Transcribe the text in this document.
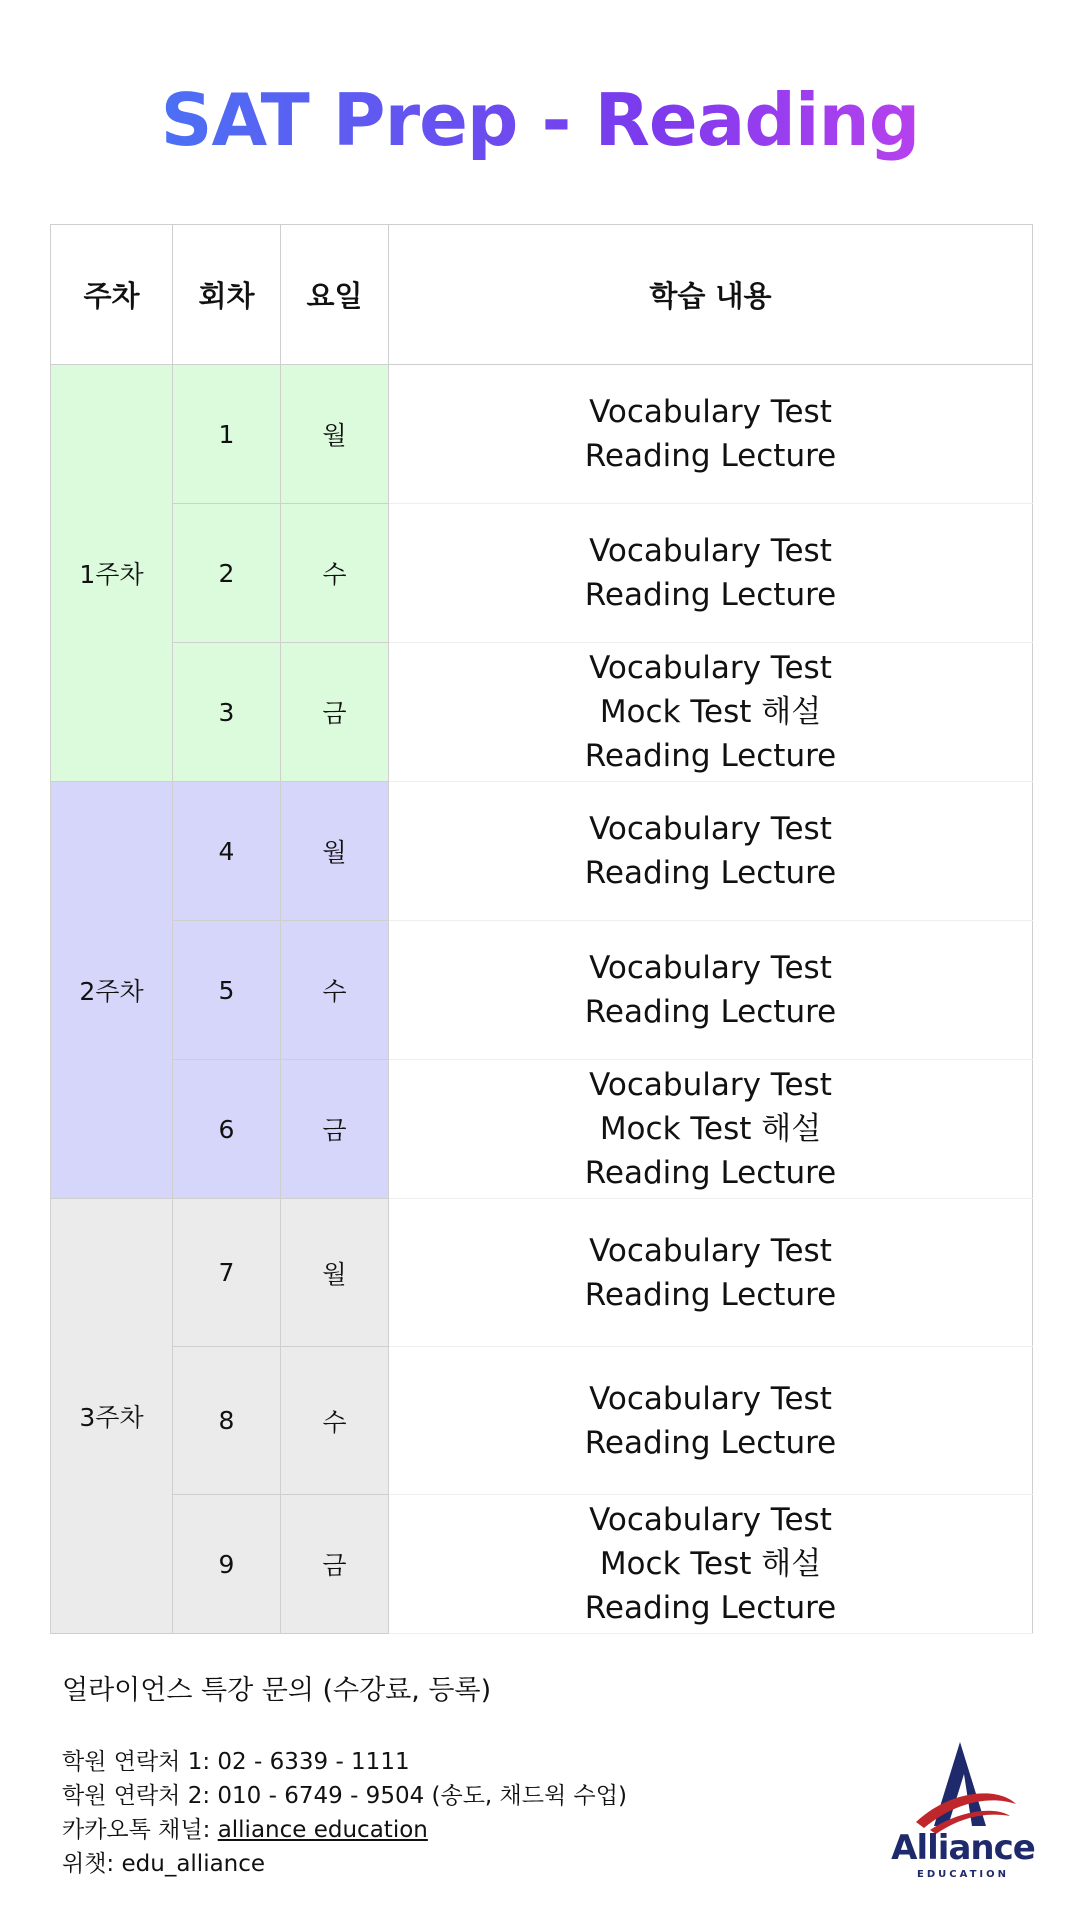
SAT Prep - Reading
주차	회차	요일	학습 내용
1주차	1	월	Vocabulary Test
Reading Lecture

	2	수	Vocabulary Test
Reading Lecture

	3	금	Vocabulary Test
Mock Test 해설
Reading Lecture

2주차	4	월	Vocabulary Test
Reading Lecture

	5	수	Vocabulary Test
Reading Lecture

	6	금	Vocabulary Test
Mock Test 해설
Reading Lecture

3주차	7	월	Vocabulary Test
Reading Lecture

	8	수	Vocabulary Test
Reading Lecture

	9	금	Vocabulary Test
Mock Test 해설
Reading Lecture
얼라이언스 특강 문의 (수강료, 등록)
학원 연락처 1: 02 - 6339 - 1111
학원 연락처 2: 010 - 6749 - 9504 (송도, 채드윅 수업)
카카오톡 채널: alliance education
위챗: edu_alliance	Alliance
EDUCATION
